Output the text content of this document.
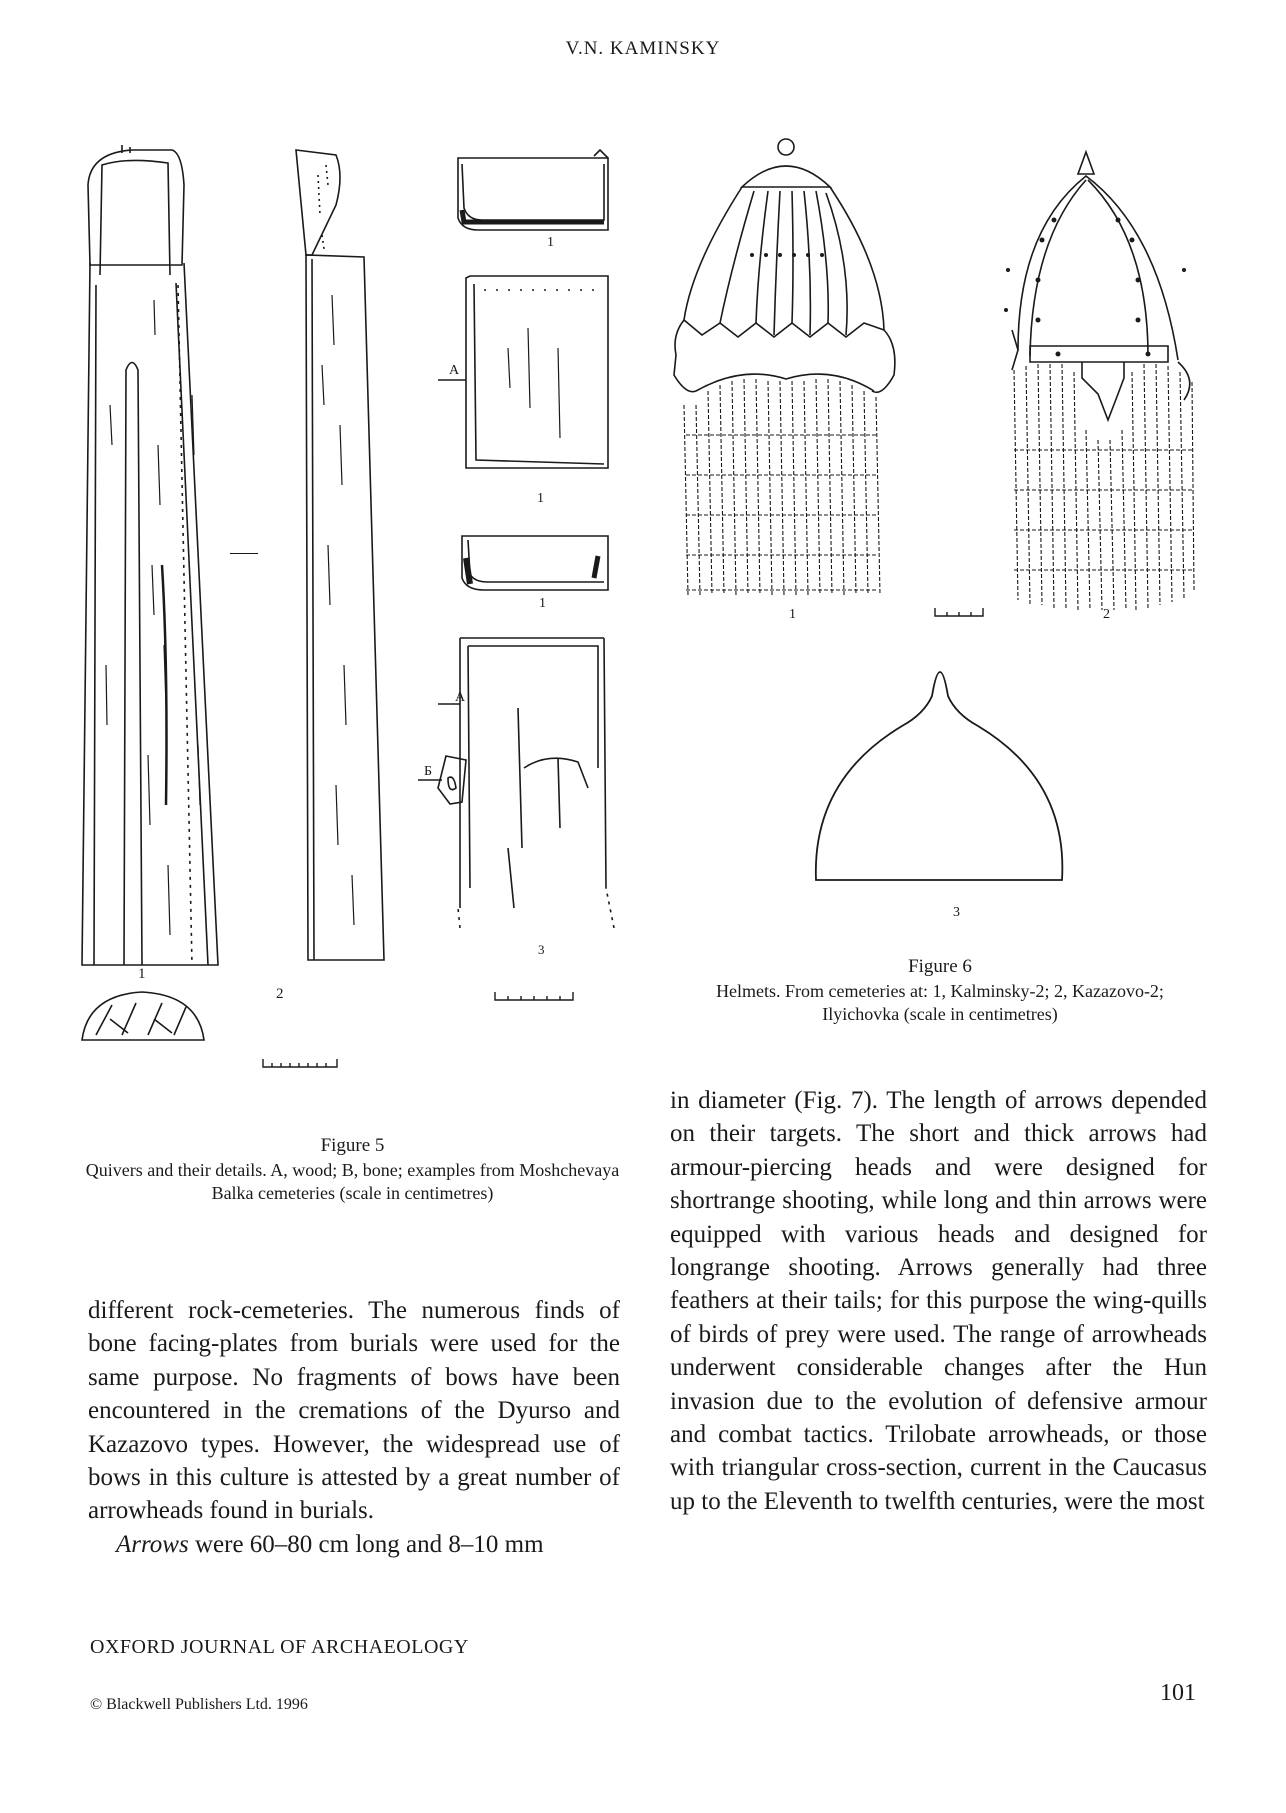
V.N. KAMINSKY
1
2
1
A
1
1
A
Б
3
1	2
3
Figure 6
Helmets. From cemeteries at: 1, Kalminsky-2; 2, Kazazovo-2; Ilyichovka (scale in centimetres)
Figure 5
Quivers and their details. A, wood; B, bone; examples from Moshchevaya Balka cemeteries (scale in centimetres)

different rock-cemeteries. The numerous finds of bone facing-plates from burials were used for the same purpose. No fragments of bows have been encountered in the cremations of the Dyurso and Kazazovo types. However, the widespread use of bows in this culture is attested by a great number of arrowheads found in burials.

Arrows were 60–80 cm long and 8–10 mm

in diameter (Fig. 7). The length of arrows depended on their targets. The short and thick arrows had armour-piercing heads and were designed for shortrange shooting, while long and thin arrows were equipped with various heads and designed for longrange shooting. Arrows generally had three feathers at their tails; for this purpose the wing-quills of birds of prey were used. The range of arrowheads underwent considerable changes after the Hun invasion due to the evolution of defensive armour and combat tactics. Trilobate arrowheads, or those with triangular cross-section, current in the Caucasus up to the Eleventh to twelfth centuries, were the most

OXFORD JOURNAL OF ARCHAEOLOGY
101
© Blackwell Publishers Ltd. 1996
